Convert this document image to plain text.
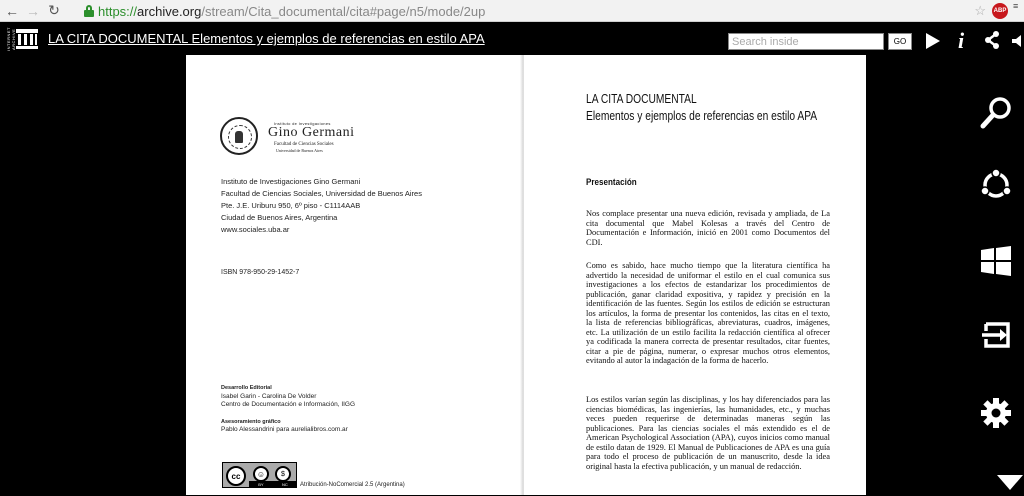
← → ↻	https:// archive.org /stream/Cita_documental/cita#page/n5/mode/2up	☆ ABP ≡
INTERNET ARCHIVE LA CITA DOCUMENTAL Elementos y ejemplos de referencias en estilo APA
Search inside	GO i
Instituto de Investigaciones
Gino Germani
Facultad de Ciencias Sociales
Universidad de Buenos Aires
Instituto de Investigaciones Gino Germani
Facultad de Ciencias Sociales, Universidad de Buenos Aires
Pte. J.E. Uriburu 950, 6º piso - C1114AAB
Ciudad de Buenos Aires, Argentina
www.sociales.uba.ar
ISBN 978-950-29-1452-7
Desarrollo Editorial
Isabel Garin - Carolina De Volder
Centro de Documentación e Información, IIGG
Asesoramiento gráfico
Pablo Alessandrini para aurelialibros.com.ar
cc	☺	$
BY	NC Atribución-NoComercial 2.5 (Argentina)
LA CITA DOCUMENTAL
Elementos y ejemplos de referencias en estilo APA
Presentación

Nos complace presentar una nueva edición, revisada y ampliada, de La cita documental que Mabel Kolesas a través del Centro de Documentación e Información, inició en 2001 como Documentos del CDI.

Como es sabido, hace mucho tiempo que la literatura científica ha advertido la necesidad de uniformar el estilo en el cual comunica sus investigaciones a los efectos de estandarizar los procedimientos de publicación, ganar claridad expositiva, y rapidez y precisión en la identificación de las fuentes. Según los estilos de edición se estructuran los artículos, la forma de presentar los contenidos, las citas en el texto, la lista de referencias bibliográficas, abreviaturas, cuadros, imágenes, etc. La utilización de un estilo facilita la redacción científica al ofrecer ya codificada la manera correcta de presentar resultados, citar fuentes, citar a pie de página, numerar, o expresar muchos otros elementos, evitando al autor la indagación de la forma de hacerlo.

Los estilos varían según las disciplinas, y los hay diferenciados para las ciencias biomédicas, las ingenierías, las humanidades, etc., y muchas veces pueden requerirse de determinadas maneras según las publicaciones. Para las ciencias sociales el más extendido es el de American Psychological Association (APA), cuyos inicios como manual de estilo datan de 1929. El Manual de Publicaciones de APA es una guía para todo el proceso de publicación de un manuscrito, desde la idea original hasta la efectiva publicación, y un manual de redacción.
